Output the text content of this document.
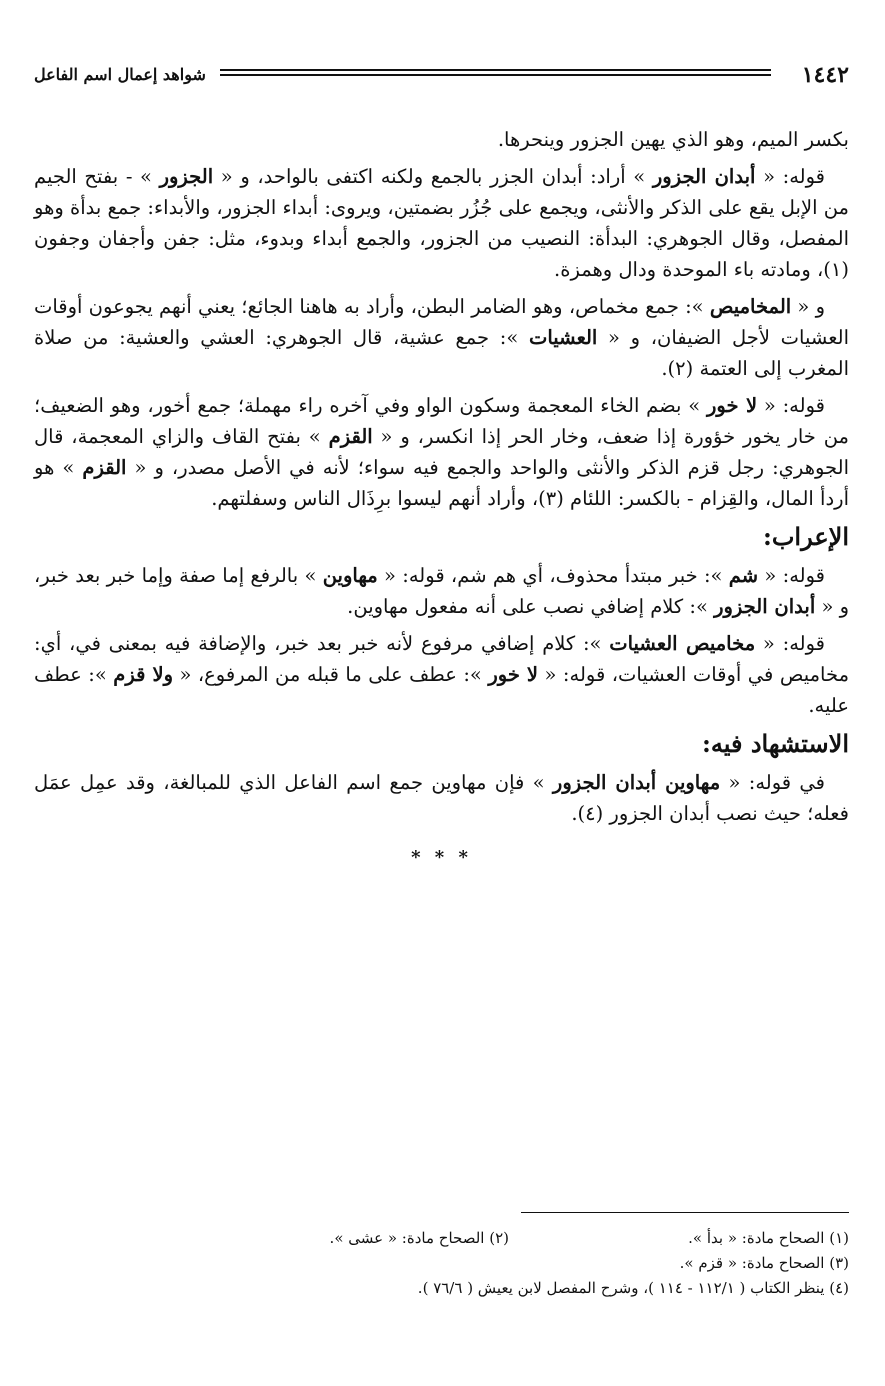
١٤٤٢
شواهد إعمال اسم الفاعل

بكسر الميم، وهو الذي يهين الجزور وينحرها.

قوله: « أبدان الجزور » أراد: أبدان الجزر بالجمع ولكنه اكتفى بالواحد، و « الجزور » - بفتح الجيم من الإبل يقع على الذكر والأنثى، ويجمع على جُزُر بضمتين، ويروى: أبداء الجزور، والأبداء: جمع بدأة وهو المفصل، وقال الجوهري: البدأة: النصيب من الجزور، والجمع أبداء وبدوء، مثل: جفن وأجفان وجفون (١)، ومادته باء الموحدة ودال وهمزة.

و « المخاميص »: جمع مخماص، وهو الضامر البطن، وأراد به هاهنا الجائع؛ يعني أنهم يجوعون أوقات العشيات لأجل الضيفان، و « العشيات »: جمع عشية، قال الجوهري: العشي والعشية: من صلاة المغرب إلى العتمة (٢).

قوله: « لا خور » بضم الخاء المعجمة وسكون الواو وفي آخره راء مهملة؛ جمع أخور، وهو الضعيف؛ من خار يخور خؤورة إذا ضعف، وخار الحر إذا انكسر، و « القزم » بفتح القاف والزاي المعجمة، قال الجوهري: رجل قزم الذكر والأنثى والواحد والجمع فيه سواء؛ لأنه في الأصل مصدر، و « القزم » هو أردأ المال، والقِزام - بالكسر: اللئام (٣)، وأراد أنهم ليسوا برِذَال الناس وسفلتهم.

الإعراب:

قوله: « شم »: خبر مبتدأ محذوف، أي هم شم، قوله: « مهاوين » بالرفع إما صفة وإما خبر بعد خبر، و « أبدان الجزور »: كلام إضافي نصب على أنه مفعول مهاوين.

قوله: « مخاميص العشيات »: كلام إضافي مرفوع لأنه خبر بعد خبر، والإضافة فيه بمعنى في، أي: مخاميص في أوقات العشيات، قوله: « لا خور »: عطف على ما قبله من المرفوع، « ولا قزم »: عطف عليه.

الاستشهاد فيه:

في قوله: « مهاوين أبدان الجزور » فإن مهاوين جمع اسم الفاعل الذي للمبالغة، وقد عمِل عمَل فعله؛ حيث نصب أبدان الجزور (٤).

* * *
(١) الصحاح مادة: « بدأ ».
(٢) الصحاح مادة: « عشى ».
(٣) الصحاح مادة: « قزم ».
(٤) ينظر الكتاب ( ١١٢/١ - ١١٤ )، وشرح المفصل لابن يعيش ( ٧٦/٦ ).
